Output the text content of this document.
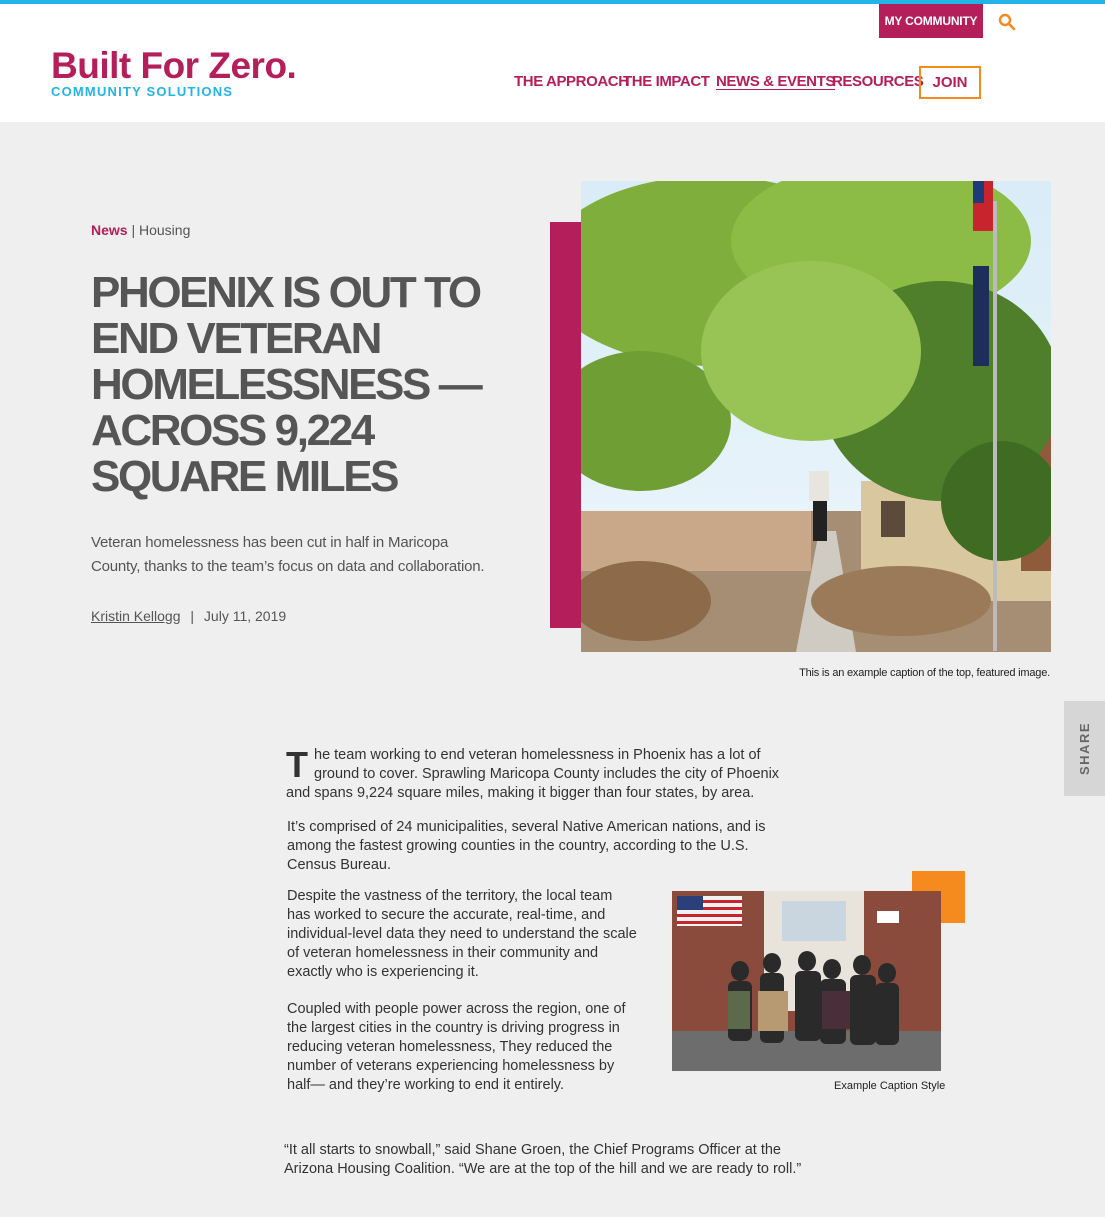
Built For Zero.
COMMUNITY SOLUTIONS
MY COMMUNITY
THE APPROACH
THE IMPACT NEWS & EVENTS
RESOURCES JOIN
News | Housing
PHOENIX IS OUT TO END VETERAN HOMELESSNESS — ACROSS 9,224 SQUARE MILES

Veteran homelessness has been cut in half in Maricopa County, thanks to the team’s focus on data and collaboration.

Kristin Kellogg | July 11, 2019
This is an example caption of the top, featured image.
SHARE

The team working to end veteran homelessness in Phoenix has a lot of ground to cover. Sprawling Maricopa County includes the city of Phoenix and spans 9,224 square miles, making it bigger than four states, by area.

It’s comprised of 24 municipalities, several Native American nations, and is among the fastest growing counties in the country, according to the U.S. Census Bureau.

Despite the vastness of the territory, the local team has worked to secure the accurate, real-time, and individual-level data they need to understand the scale of veteran homelessness in their community and exactly who is experiencing it.

Coupled with people power across the region, one of the largest cities in the country is driving progress in reducing veteran homelessness, They reduced the number of veterans experiencing homelessness by half— and they’re working to end it entirely.	Example Caption Style

“It all starts to snowball,” said Shane Groen, the Chief Programs Officer at the Arizona Housing Coalition. “We are at the top of the hill and we are ready to roll.”
